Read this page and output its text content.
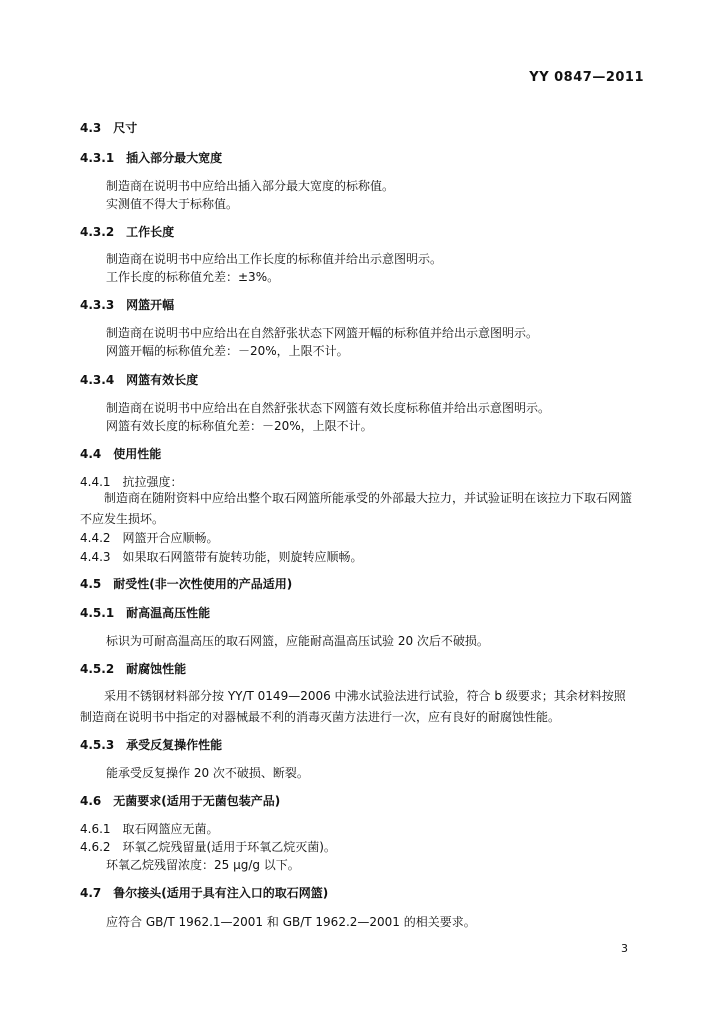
YY 0847—2011
4.3 尺寸
4.3.1 插入部分最大宽度
制造商在说明书中应给出插入部分最大宽度的标称值。
实测值不得大于标称值。
4.3.2 工作长度
制造商在说明书中应给出工作长度的标称值并给出示意图明示。
工作长度的标称值允差：±3%。
4.3.3 网篮开幅
制造商在说明书中应给出在自然舒张状态下网篮开幅的标称值并给出示意图明示。
网篮开幅的标称值允差：－20%，上限不计。
4.3.4 网篮有效长度
制造商在说明书中应给出在自然舒张状态下网篮有效长度标称值并给出示意图明示。
网篮有效长度的标称值允差：－20%，上限不计。
4.4 使用性能
4.4.1 抗拉强度：
制造商在随附资料中应给出整个取石网篮所能承受的外部最大拉力，并试验证明在该拉力下取石网篮不应发生损坏。
4.4.2 网篮开合应顺畅。
4.4.3 如果取石网篮带有旋转功能，则旋转应顺畅。
4.5 耐受性(非一次性使用的产品适用)
4.5.1 耐高温高压性能
标识为可耐高温高压的取石网篮，应能耐高温高压试验 20 次后不破损。
4.5.2 耐腐蚀性能
采用不锈钢材料部分按 YY/T 0149—2006 中沸水试验法进行试验，符合 b 级要求；其余材料按照制造商在说明书中指定的对器械最不利的消毒灭菌方法进行一次，应有良好的耐腐蚀性能。
4.5.3 承受反复操作性能
能承受反复操作 20 次不破损、断裂。
4.6 无菌要求(适用于无菌包装产品)
4.6.1 取石网篮应无菌。
4.6.2 环氧乙烷残留量(适用于环氧乙烷灭菌)。
环氧乙烷残留浓度：25 μg/g 以下。
4.7 鲁尔接头(适用于具有注入口的取石网篮)
应符合 GB/T 1962.1—2001 和 GB/T 1962.2—2001 的相关要求。
3
